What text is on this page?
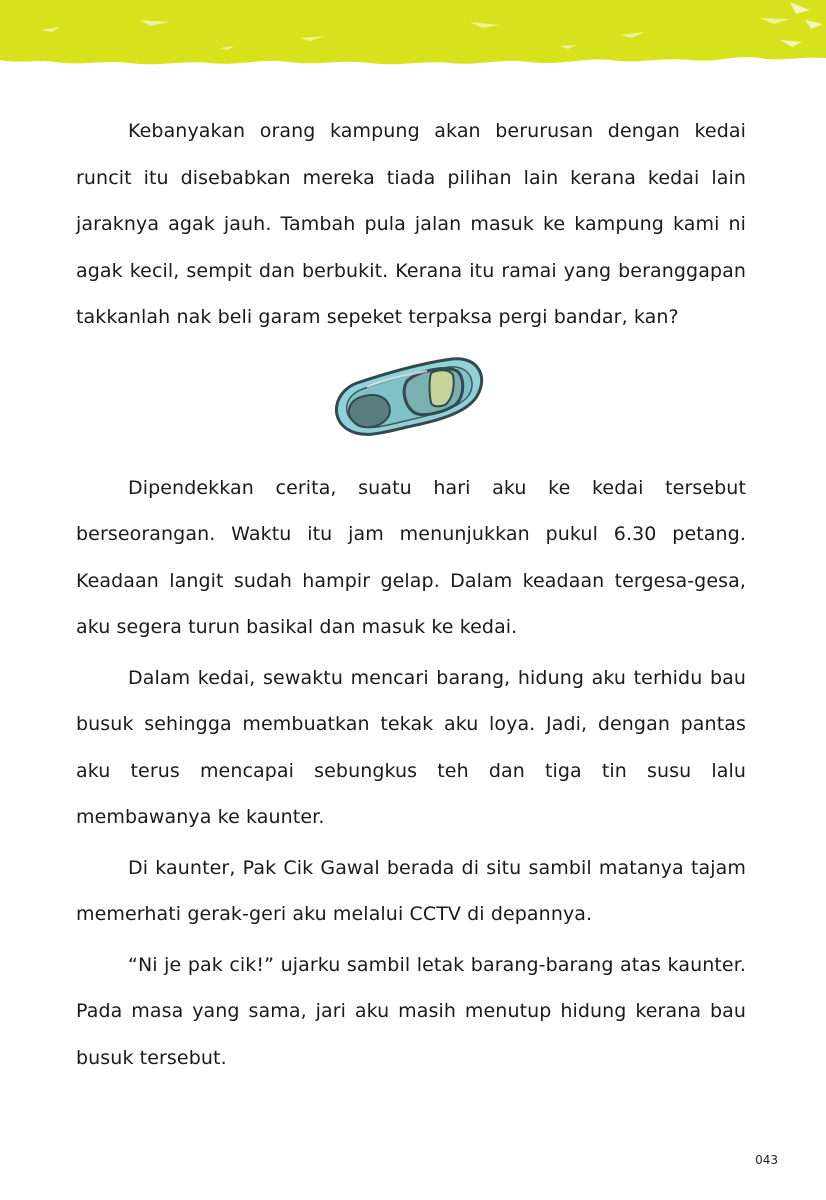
Kebanyakan orang kampung akan berurusan dengan kedai runcit itu disebabkan mereka tiada pilihan lain kerana kedai lain jaraknya agak jauh. Tambah pula jalan masuk ke kampung kami ni agak kecil, sempit dan berbukit. Kerana itu ramai yang beranggapan takkanlah nak beli garam sepeket terpaksa pergi bandar, kan?

Dipendekkan cerita, suatu hari aku ke kedai tersebut berseorangan. Waktu itu jam menunjukkan pukul 6.30 petang. Keadaan langit sudah hampir gelap. Dalam keadaan tergesa-gesa, aku segera turun basikal dan masuk ke kedai.

Dalam kedai, sewaktu mencari barang, hidung aku terhidu bau busuk sehingga membuatkan tekak aku loya. Jadi, dengan pantas aku terus mencapai sebungkus teh dan tiga tin susu lalu membawanya ke kaunter.

Di kaunter, Pak Cik Gawal berada di situ sambil matanya tajam memerhati gerak-geri aku melalui CCTV di depannya.

“Ni je pak cik!” ujarku sambil letak barang-barang atas kaunter. Pada masa yang sama, jari aku masih menutup hidung kerana bau busuk tersebut.

043
